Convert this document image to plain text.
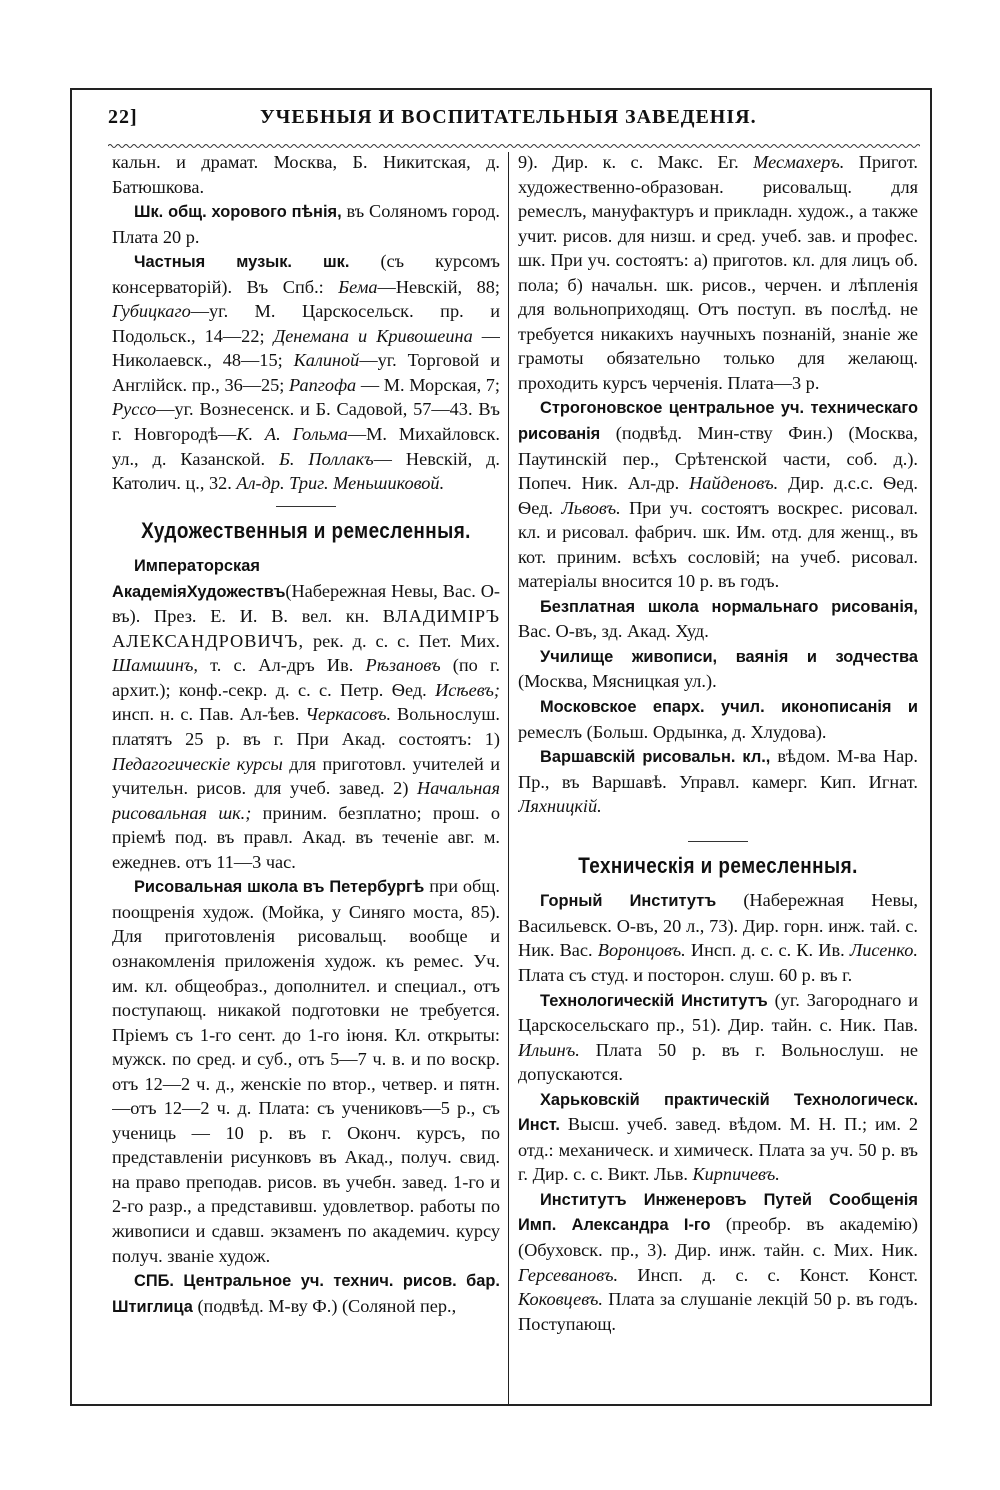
22]	УЧЕБНЫЯ И ВОСПИТАТЕЛЬНЫЯ ЗАВЕДЕНІЯ.

кальн. и драмат. Москва, Б. Никитская, д. Батюшкова.

Шк. общ. хорового пѣнія, въ Соляномъ город. Плата 20 р.

Частныя музык. шк. (съ курсомъ консерваторій). Въ Спб.: Бема—Невскій, 88; Губицкаго—уг. М. Царскосельск. пр. и Подольск., 14—22; Денемана и Кривошеина — Николаевск., 48—15; Калиной—уг. Торговой и Англійск. пр., 36—25; Рапгофа — М. Морская, 7; Руссо—уг. Вознесенск. и Б. Садовой, 57—43. Въ г. Новгородѣ—К. А. Гольма—М. Михайловск. ул., д. Казанской. Б. Поллакъ— Невскій, д. Католич. ц., 32. Ал-др. Триг. Меньшиковой.

Художественныя и ремесленныя.

Императорская АкадеміяХудожествъ(Набережная Невы, Вас. О-въ). През. Е. И. В. вел. кн. ВЛАДИМІРЪ АЛЕКСАНДРОВИЧЪ, рек. д. с. с. Пет. Мих. Шамшинъ, т. с. Ал-дръ Ив. Рѣзановъ (по г. архит.); конф.-секр. д. с. с. Петр. Ѳед. Исѣевъ; инсп. н. с. Пав. Ал-ѣев. Черкасовъ. Вольнослуш. платятъ 25 р. въ г. При Акад. состоятъ: 1) Педагогическіе курсы для приготовл. учителей и учительн. рисов. для учеб. завед. 2) Начальная рисовальная шк.; приним. безплатно; прош. о пріемѣ под. въ правл. Акад. въ теченіе авг. м. ежеднев. отъ 11—3 час.

Рисовальная школа въ Петербургѣ при общ. поощренія худож. (Мойка, у Синяго моста, 85). Для приготовленія рисовальщ. вообще и ознакомленія приложенія худож. къ ремес. Уч. им. кл. общеобраз., дополнител. и специал., отъ поступающ. никакой подготовки не требуется. Пріемъ съ 1-го сент. до 1-го іюня. Кл. открыты: мужск. по сред. и суб., отъ 5—7 ч. в. и по воскр. отъ 12—2 ч. д., женскіе по втор., четвер. и пятн.—отъ 12—2 ч. д. Плата: съ учениковъ—5 р., съ учениць — 10 р. въ г. Оконч. курсъ, по представленіи рисунковъ въ Акад., получ. свид. на право преподав. рисов. въ учебн. завед. 1-го и 2-го разр., а представивш. удовлетвор. работы по живописи и сдавш. экзаменъ по академич. курсу получ. званіе худож.

СПБ. Центральное уч. технич. рисов. бар. Штиглица (подвѣд. М-ву Ф.) (Соляной пер.,

9). Дир. к. с. Макс. Ег. Месмахеръ. Пригот. художественно-образован. рисовальщ. для ремеслъ, мануфактуръ и прикладн. худож., а также учит. рисов. для низш. и сред. учеб. зав. и профес. шк. При уч. состоятъ: а) приготов. кл. для лицъ об. пола; б) начальн. шк. рисов., черчен. и лѣпленія для вольноприходящ. Отъ поступ. въ послѣд. не требуется никакихъ научныхъ познаній, знаніе же грамоты обязательно только для желающ. проходить курсъ черченія. Плата—3 р.

Строгоновское центральное уч. техническаго рисованія (подвѣд. Мин-ству Фин.) (Москва, Паутинскій пер., Срѣтенской части, соб. д.). Попеч. Ник. Ал-др. Найденовъ. Дир. д.с.с. Ѳед. Ѳед. Львовъ. При уч. состоятъ воскрес. рисовал. кл. и рисовал. фабрич. шк. Им. отд. для женщ., въ кот. приним. всѣхъ сословій; на учеб. рисовал. матеріалы вносится 10 р. въ годъ.

Безплатная школа нормальнаго рисованія, Вас. О-въ, зд. Акад. Худ.

Училище живописи, ваянія и зодчества (Москва, Мясницкая ул.).

Московское епарх. учил. иконописанія и ремеслъ (Больш. Ордынка, д. Хлудова).

Варшавскій рисовальн. кл., вѣдом. М-ва Нар. Пр., въ Варшавѣ. Управл. камерг. Кип. Игнат. Ляхницкій.

Техническія и ремесленныя.

Горный Институтъ (Набережная Невы, Васильевск. О-въ, 20 л., 73). Дир. горн. инж. тай. с. Ник. Вас. Воронцовъ. Инсп. д. с. с. К. Ив. Лисенко. Плата съ студ. и посторон. слуш. 60 р. въ г.

Технологическій Институтъ (уг. Загороднаго и Царскосельскаго пр., 51). Дир. тайн. с. Ник. Пав. Ильинъ. Плата 50 р. въ г. Вольнослуш. не допускаются.

Харьковскій практическій Технологическ. Инст. Высш. учеб. завед. вѣдом. М. Н. П.; им. 2 отд.: механическ. и химическ. Плата за уч. 50 р. въ г. Дир. с. с. Викт. Льв. Кирпичевъ.

Институтъ Инженеровъ Путей Сообщенія Имп. Александра I-го (преобр. въ академію) (Обуховск. пр., 3). Дир. инж. тайн. с. Мих. Ник. Герсевановъ. Инсп. д. с. с. Конст. Конст. Коковцевъ. Плата за слушаніе лекцій 50 р. въ годъ. Поступающ.
